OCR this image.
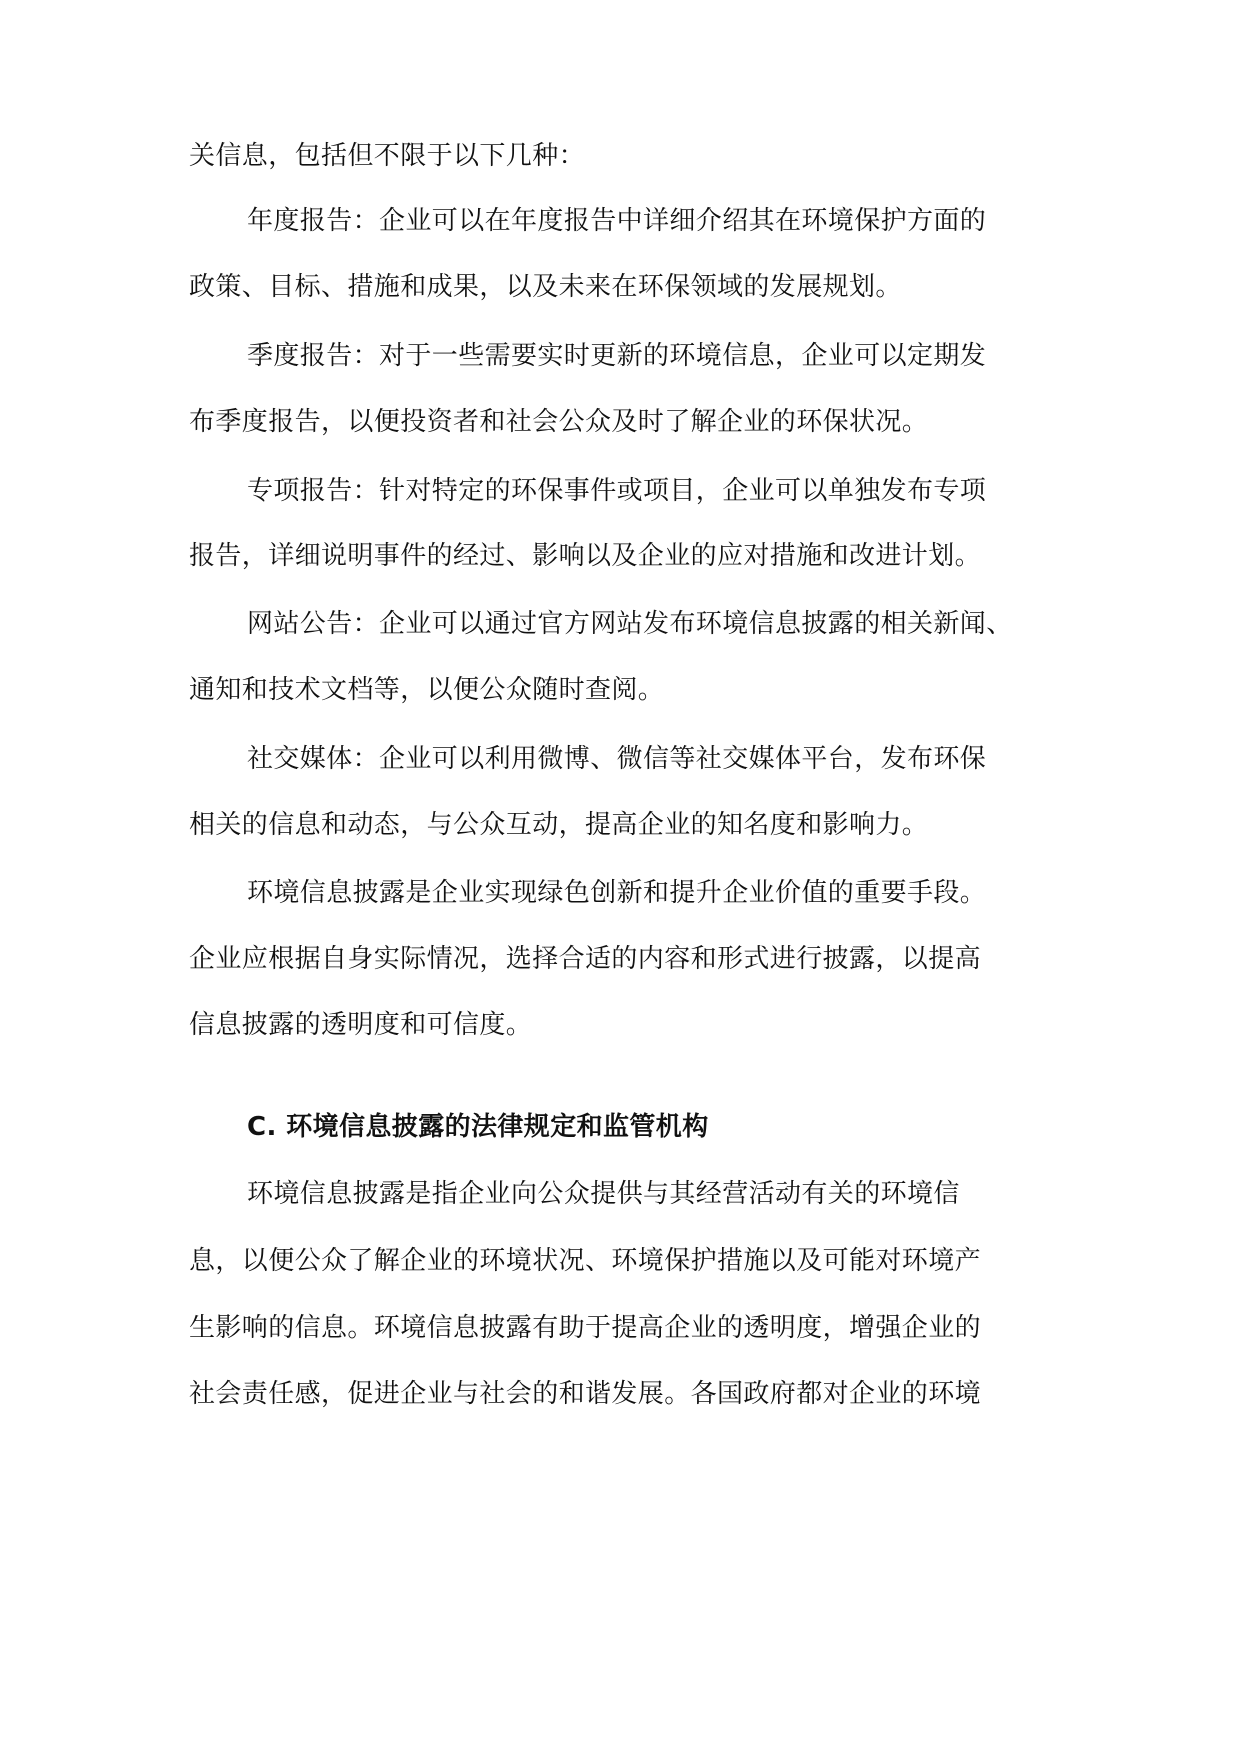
关信息，包括但不限于以下几种：
年度报告：企业可以在年度报告中详细介绍其在环境保护方面的
政策、目标、措施和成果，以及未来在环保领域的发展规划。
季度报告：对于一些需要实时更新的环境信息，企业可以定期发
布季度报告，以便投资者和社会公众及时了解企业的环保状况。
专项报告：针对特定的环保事件或项目，企业可以单独发布专项
报告，详细说明事件的经过、影响以及企业的应对措施和改进计划。
网站公告：企业可以通过官方网站发布环境信息披露的相关新闻、
通知和技术文档等，以便公众随时查阅。
社交媒体：企业可以利用微博、微信等社交媒体平台，发布环保
相关的信息和动态，与公众互动，提高企业的知名度和影响力。
环境信息披露是企业实现绿色创新和提升企业价值的重要手段。
企业应根据自身实际情况，选择合适的内容和形式进行披露，以提高
信息披露的透明度和可信度。
C. 环境信息披露的法律规定和监管机构
环境信息披露是指企业向公众提供与其经营活动有关的环境信
息，以便公众了解企业的环境状况、环境保护措施以及可能对环境产
生影响的信息。环境信息披露有助于提高企业的透明度，增强企业的
社会责任感，促进企业与社会的和谐发展。各国政府都对企业的环境
